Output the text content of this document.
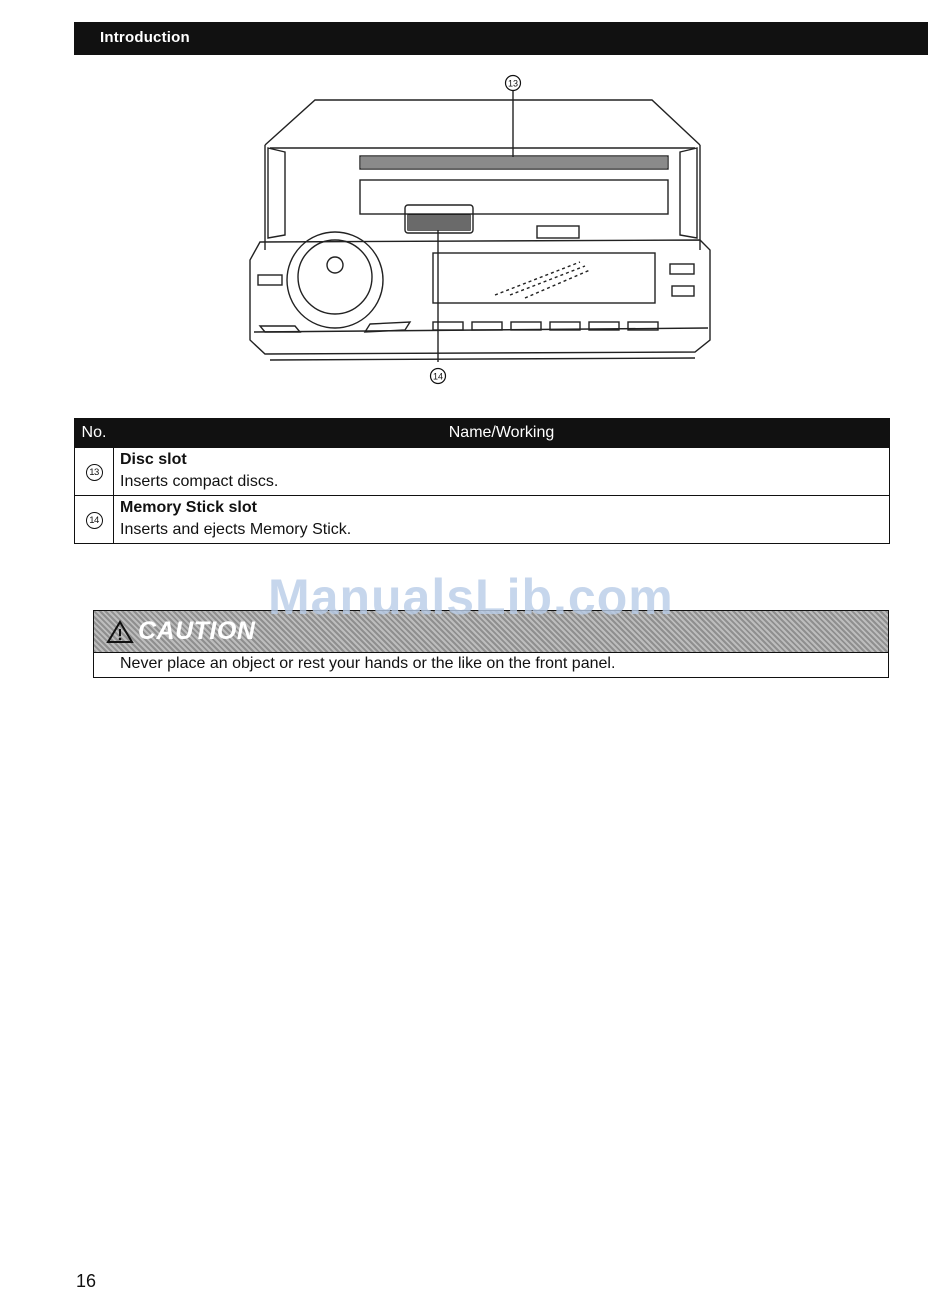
Introduction
13
14
No.	Name/Working
13	Disc slot

	Inserts compact discs.

14	Memory Stick slot

	Inserts and ejects Memory Stick.
CAUTION
Never place an object or rest your hands or the like on the front panel.
ManualsLib.com
16
